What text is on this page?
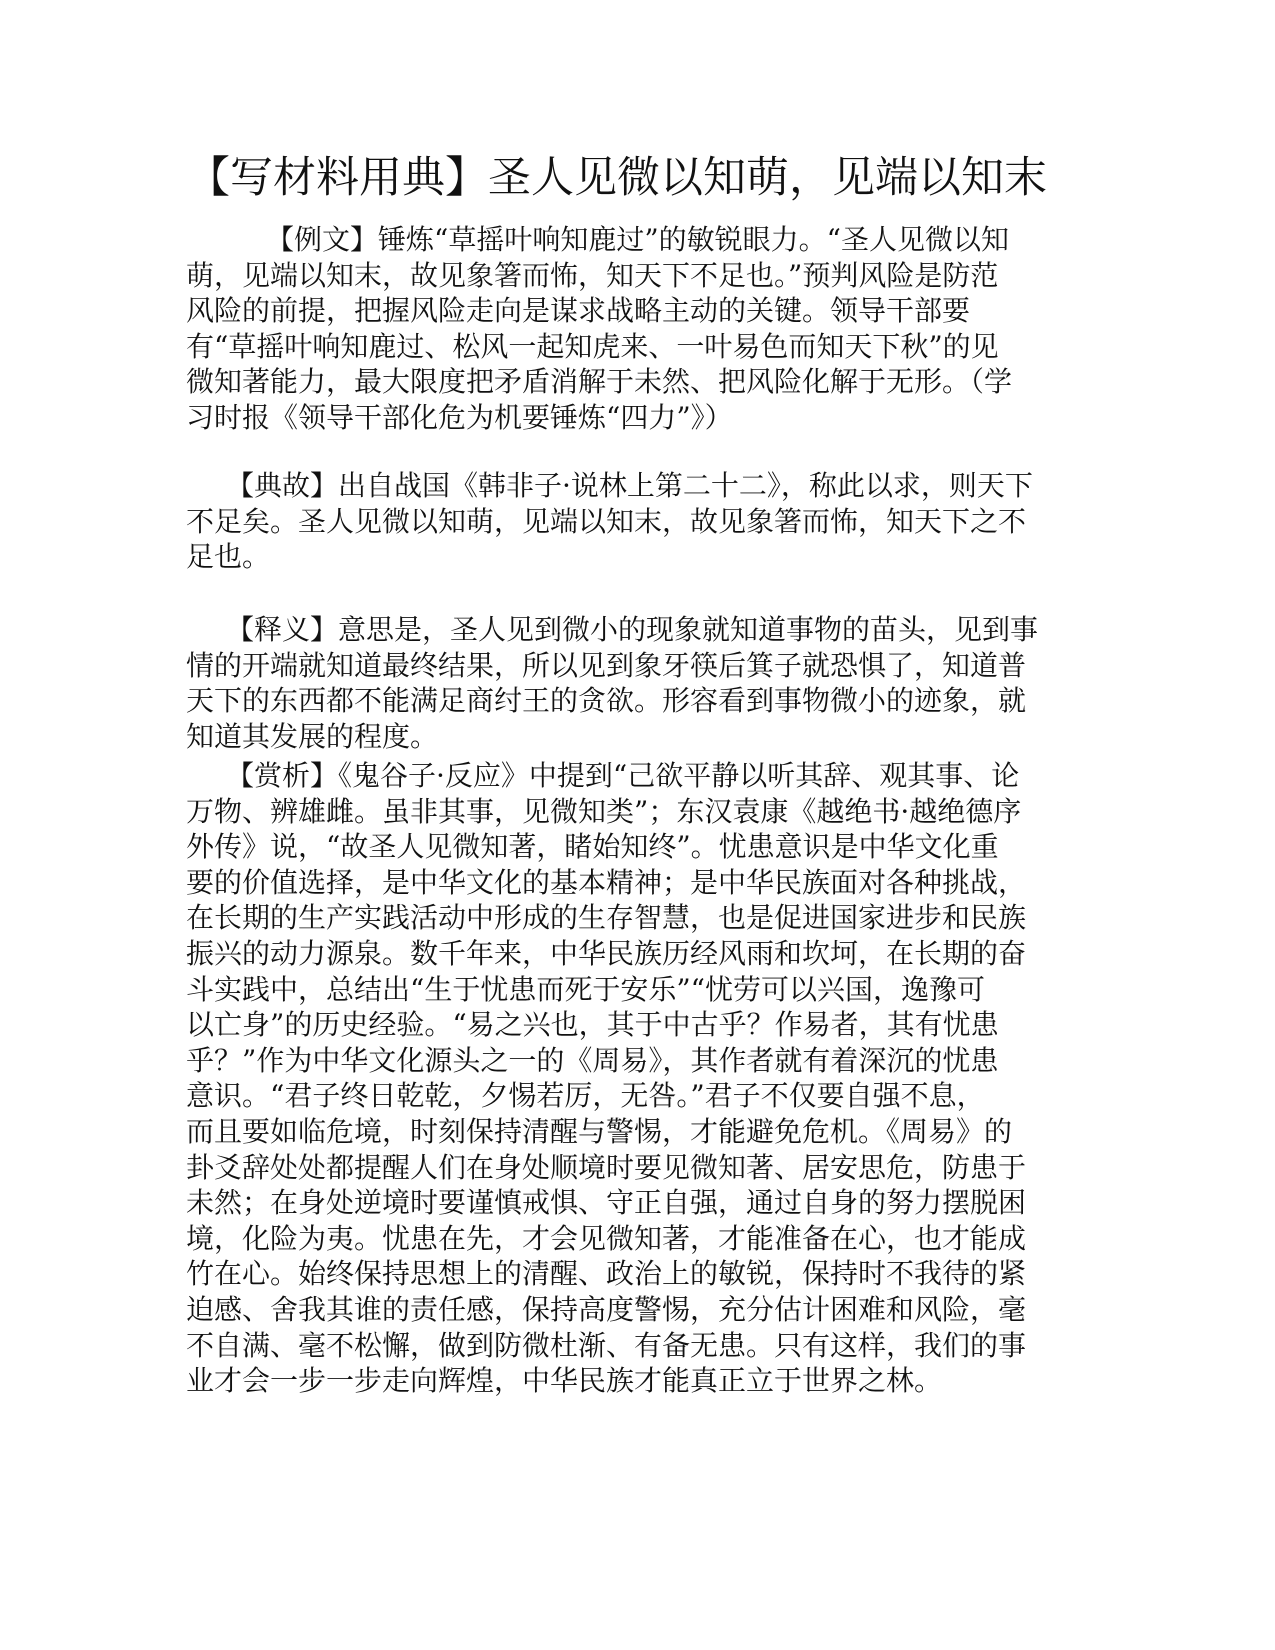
【写材料用典】圣人见微以知萌，见端以知末
【例文】锤炼“草摇叶响知鹿过”的敏锐眼力。“圣人见微以知
萌，见端以知末，故见象箸而怖，知天下不足也。”预判风险是防范
风险的前提，把握风险走向是谋求战略主动的关键。领导干部要
有“草摇叶响知鹿过、松风一起知虎来、一叶易色而知天下秋”的见
微知著能力，最大限度把矛盾消解于未然、把风险化解于无形。（学
习时报《领导干部化危为机要锤炼“四力”》）
【典故】出自战国《韩非子·说林上第二十二》，称此以求，则天下
不足矣。圣人见微以知萌，见端以知末，故见象箸而怖，知天下之不
足也。
【释义】意思是，圣人见到微小的现象就知道事物的苗头，见到事
情的开端就知道最终结果，所以见到象牙筷后箕子就恐惧了，知道普
天下的东西都不能满足商纣王的贪欲。形容看到事物微小的迹象，就
知道其发展的程度。
【赏析】《鬼谷子·反应》中提到“己欲平静以听其辞、观其事、论
万物、辨雄雌。虽非其事，见微知类”；东汉袁康《越绝书·越绝德序
外传》说，“故圣人见微知著，睹始知终”。忧患意识是中华文化重
要的价值选择，是中华文化的基本精神；是中华民族面对各种挑战，
在长期的生产实践活动中形成的生存智慧，也是促进国家进步和民族
振兴的动力源泉。数千年来，中华民族历经风雨和坎坷，在长期的奋
斗实践中，总结出“生于忧患而死于安乐”“忧劳可以兴国，逸豫可
以亡身”的历史经验。“易之兴也，其于中古乎？作易者，其有忧患
乎？”作为中华文化源头之一的《周易》，其作者就有着深沉的忧患
意识。“君子终日乾乾，夕惕若厉，无咎。”君子不仅要自强不息，
而且要如临危境，时刻保持清醒与警惕，才能避免危机。《周易》的
卦爻辞处处都提醒人们在身处顺境时要见微知著、居安思危，防患于
未然；在身处逆境时要谨慎戒惧、守正自强，通过自身的努力摆脱困
境，化险为夷。忧患在先，才会见微知著，才能准备在心，也才能成
竹在心。始终保持思想上的清醒、政治上的敏锐，保持时不我待的紧
迫感、舍我其谁的责任感，保持高度警惕，充分估计困难和风险，毫
不自满、毫不松懈，做到防微杜渐、有备无患。只有这样，我们的事
业才会一步一步走向辉煌，中华民族才能真正立于世界之林。
